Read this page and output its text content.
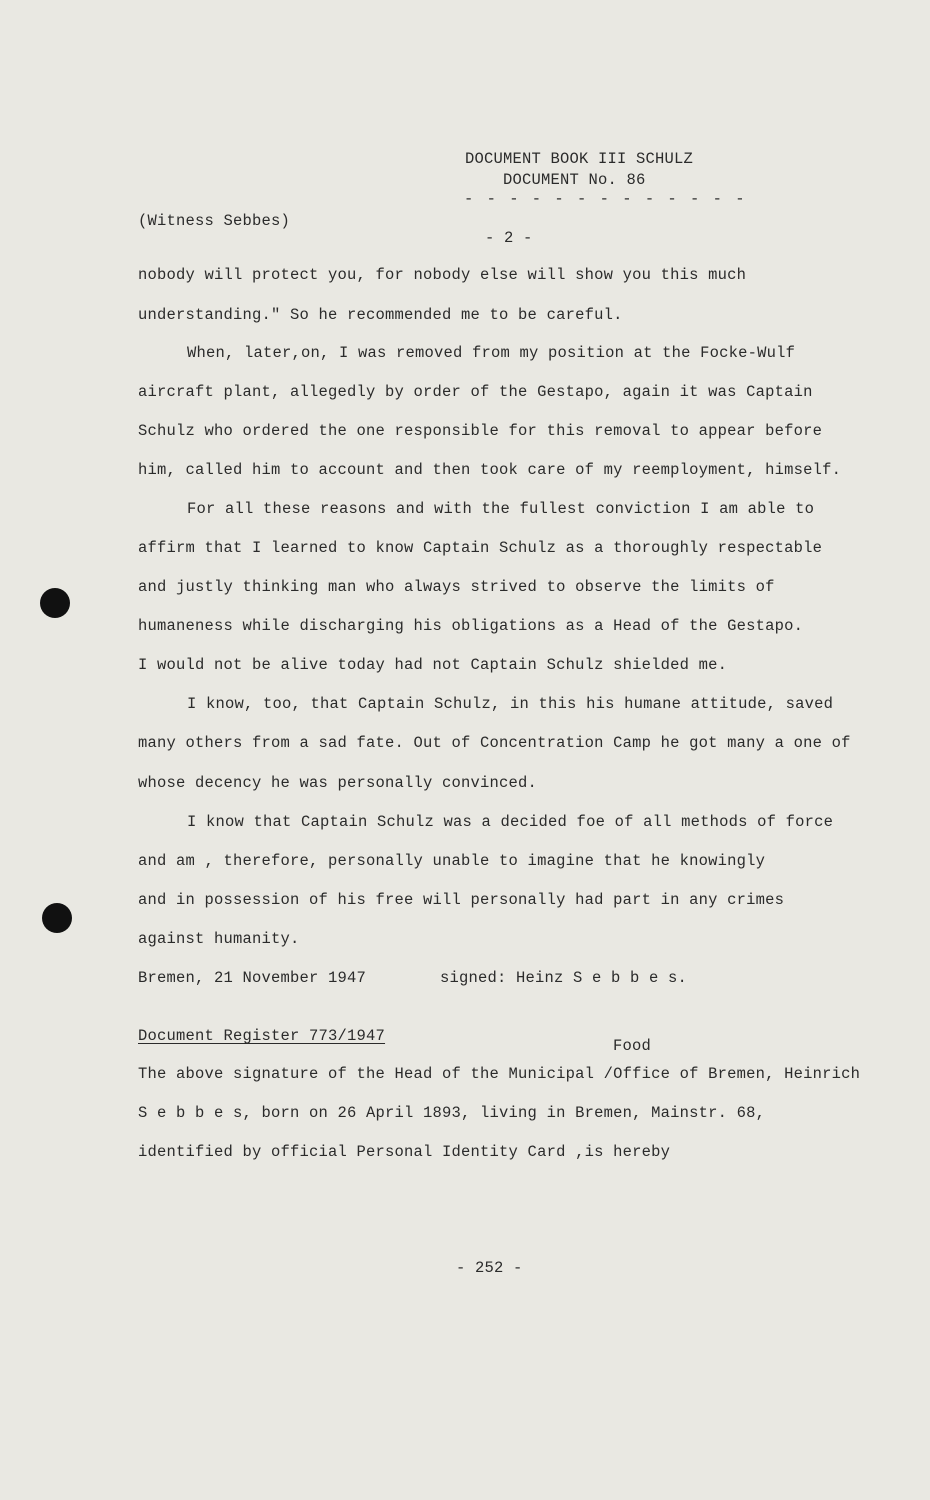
DOCUMENT BOOK III SCHULZ
DOCUMENT No. 86
- - - - - - - - - - - - -
(Witness Sebbes)
- 2 -
nobody will protect you, for nobody else will show you this much
understanding." So he recommended me to be careful.
When, later,on, I was removed from my position at the Focke-Wulf
aircraft plant, allegedly by order of the Gestapo, again it was Captain
Schulz who ordered the one responsible for this removal to appear before
him, called him to account and then took care of my reemployment, himself.
For all these reasons and with the fullest conviction I am able to
affirm that I learned to know Captain Schulz as a thoroughly respectable
and justly thinking man who always strived to observe the limits of
humaneness while discharging his obligations as a Head of the Gestapo.
I would not be alive today had not Captain Schulz shielded me.
I know, too, that Captain Schulz, in this his humane attitude, saved
many others from a sad fate. Out of Concentration Camp he got many a one of
whose decency he was personally convinced.
I know that Captain Schulz was a decided foe of all methods of force
and am , therefore, personally unable to imagine that he knowingly
and in possession of his free will personally had part in any crimes
against humanity.
Bremen, 21 November 1947	signed: Heinz S e b b e s.
Document Register 773/1947
Food
The above signature of the Head of the Municipal /Office of Bremen, Heinrich
S e b b e s, born on 26 April 1893, living in Bremen, Mainstr. 68,
identified by official Personal Identity Card ,is hereby
- 252 -
